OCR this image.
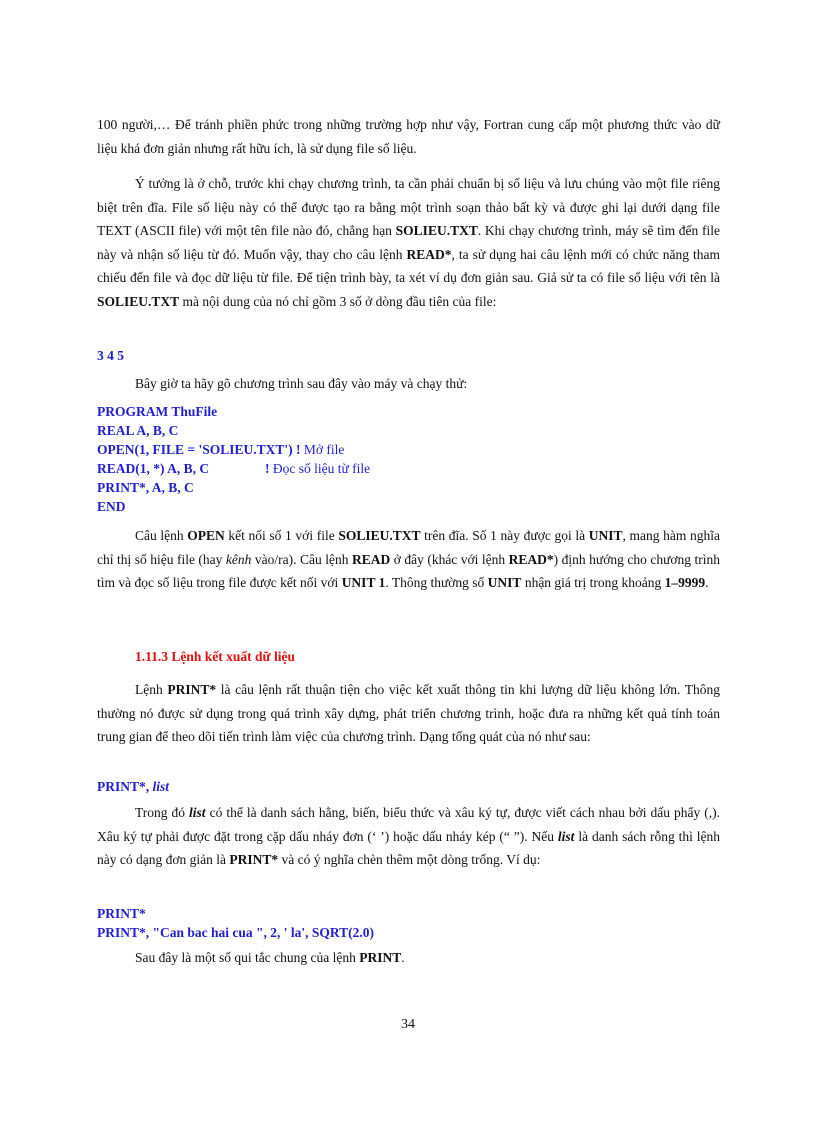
100 người,… Để tránh phiền phức trong những trường hợp như vậy, Fortran cung cấp một phương thức vào dữ liệu khá đơn giản nhưng rất hữu ích, là sử dụng file số liệu.

Ý tưởng là ở chỗ, trước khi chạy chương trình, ta cần phải chuẩn bị số liệu và lưu chúng vào một file riêng biệt trên đĩa. File số liệu này có thể được tạo ra bằng một trình soạn thảo bất kỳ và được ghi lại dưới dạng file TEXT (ASCII file) với một tên file nào đó, chẳng hạn SOLIEU.TXT. Khi chạy chương trình, máy sẽ tìm đến file này và nhận số liệu từ đó. Muốn vậy, thay cho câu lệnh READ*, ta sử dụng hai câu lệnh mới có chức năng tham chiếu đến file và đọc dữ liệu từ file. Để tiện trình bày, ta xét ví dụ đơn giản sau. Giả sử ta có file số liệu với tên là SOLIEU.TXT mà nội dung của nó chỉ gồm 3 số ở dòng đầu tiên của file:

3 4 5

Bây giờ ta hãy gõ chương trình sau đây vào máy và chạy thử:

PROGRAM ThuFile
REAL A, B, C
OPEN(1, FILE = 'SOLIEU.TXT') ! Mở file
READ(1, *) A, B, C	! Đọc số liệu từ file
PRINT*, A, B, C
END

Câu lệnh OPEN kết nối số 1 với file SOLIEU.TXT trên đĩa. Số 1 này được gọi là UNIT, mang hàm nghĩa chỉ thị số hiệu file (hay kênh vào/ra). Câu lệnh READ ở đây (khác với lệnh READ*) định hướng cho chương trình tìm và đọc số liệu trong file được kết nối với UNIT 1. Thông thường số UNIT nhận giá trị trong khoảng 1–9999.

1.11.3 Lệnh kết xuất dữ liệu

Lệnh PRINT* là câu lệnh rất thuận tiện cho việc kết xuất thông tin khi lượng dữ liệu không lớn. Thông thường nó được sử dụng trong quá trình xây dựng, phát triển chương trình, hoặc đưa ra những kết quả tính toán trung gian để theo dõi tiến trình làm việc của chương trình. Dạng tổng quát của nó như sau:

PRINT*, list

Trong đó list có thể là danh sách hằng, biến, biểu thức và xâu ký tự, được viết cách nhau bởi dấu phẩy (,). Xâu ký tự phải được đặt trong cặp dấu nháy đơn (‘ ’) hoặc dấu nháy kép (“ ”). Nếu list là danh sách rỗng thì lệnh này có dạng đơn giản là PRINT* và có ý nghĩa chèn thêm một dòng trống. Ví dụ:

PRINT*
PRINT*, "Can bac hai cua ", 2, ' la', SQRT(2.0)

Sau đây là một số qui tắc chung của lệnh PRINT.

34
